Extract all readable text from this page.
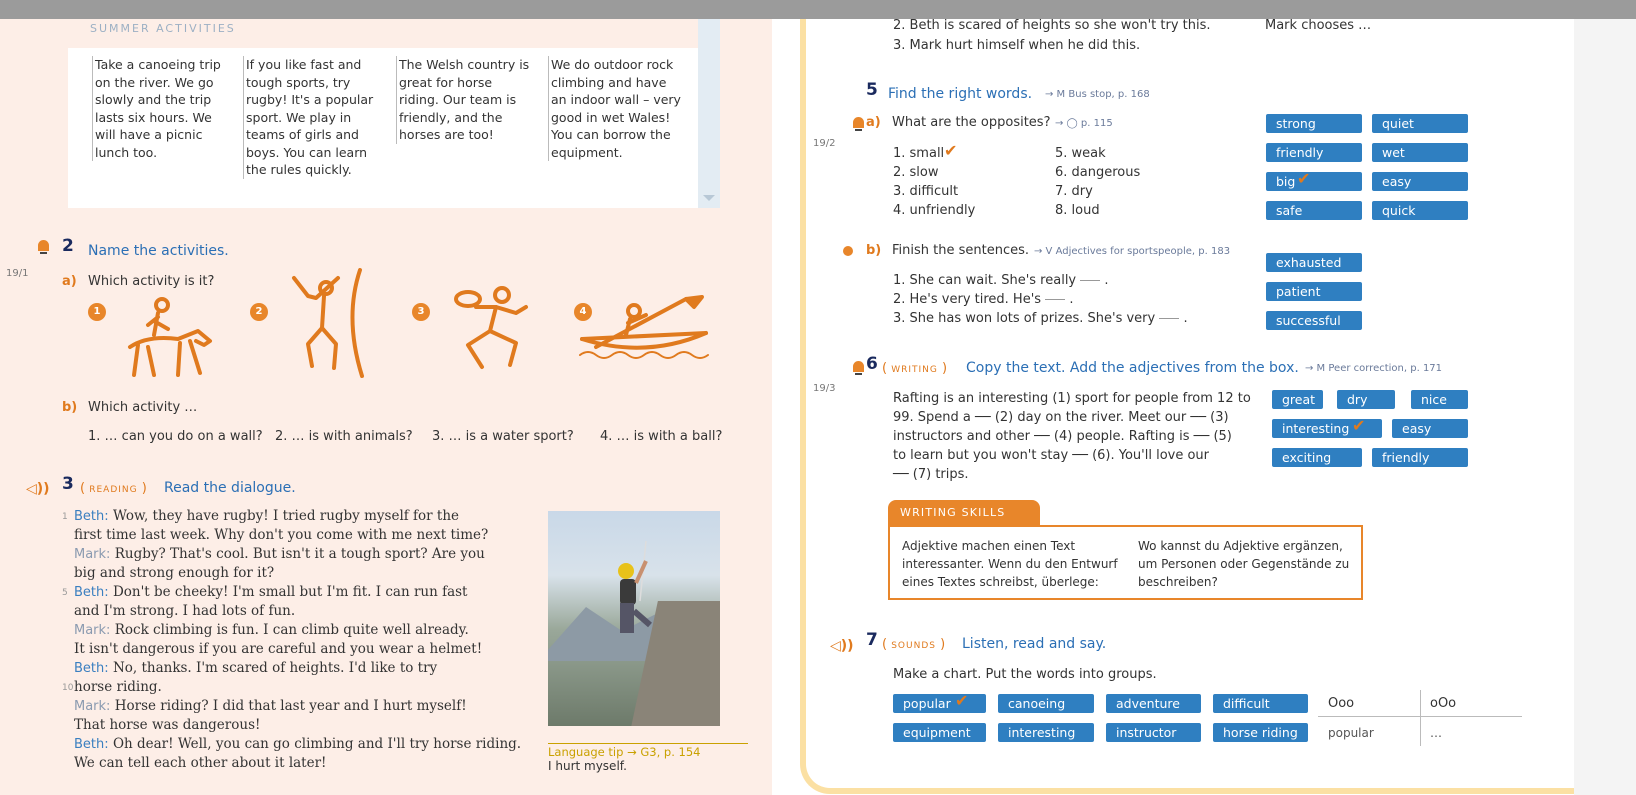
SUMMER ACTIVITIES
Take a canoeing trip
on the river. We go
slowly and the trip
lasts six hours. We
will have a picnic
lunch too.
If you like fast and
tough sports, try
rugby! It's a popular
sport. We play in
teams of girls and
boys. You can learn
the rules quickly.
The Welsh country is
great for horse
riding. Our team is
friendly, and the
horses are too!
We do outdoor rock
climbing and have
an indoor wall – very
good in wet Wales!
You can borrow the
equipment.
2 Name the activities.
19/1
a) Which activity is it?
1	2	3	4
b) Which activity …
1. … can you do on a wall? 2. … is with animals? 3. … is a water sport? 4. … is with a ball?
◁)) 3 ( READING ) Read the dialogue.
1
5
10
Beth: Wow, they have rugby! I tried rugby myself for the
first time last week. Why don't you come with me next time?
Mark: Rugby? That's cool. But isn't it a tough sport? Are you
big and strong enough for it?
Beth: Don't be cheeky! I'm small but I'm fit. I can run fast
and I'm strong. I had lots of fun.
Mark: Rock climbing is fun. I can climb quite well already.
It isn't dangerous if you are careful and you wear a helmet!
Beth: No, thanks. I'm scared of heights. I'd like to try
horse riding.
Mark: Horse riding? I did that last year and I hurt myself!
That horse was dangerous!
Beth: Oh dear! Well, you can go climbing and I'll try horse riding.
We can tell each other about it later!
Language tip → G3, p. 154
I hurt myself.
2. Beth is scared of heights so she won't try this.	Mark chooses …
3. Mark hurt himself when he did this.
5 Find the right words. → M Bus stop, p. 168
a) What are the opposites? → ◯ p. 115
19/2
1. small
2. slow
3. difficult
4. unfriendly
✔	5. weak
6. dangerous
7. dry
8. loud
strong	quiet
friendly	wet
big ✔	easy
safe	quick
b) Finish the sentences. → V Adjectives for sportspeople, p. 183
1. She can wait. She's really  .
2. He's very tired. He's  .
3. She has won lots of prizes. She's very  .
exhausted
patient
successful
6 ( WRITING ) Copy the text. Add the adjectives from the box. → M Peer correction, p. 171
19/3
Rafting is an interesting (1) sport for people from 12 to
99. Spend a ── (2) day on the river. Meet our ── (3)
instructors and other ── (4) people. Rafting is ── (5)
to learn but you won't stay ── (6). You'll love our
── (7) trips.
great	dry	nice
interesting ✔	easy
exciting	friendly
WRITING SKILLS
Adjektive machen einen Text
interessanter. Wenn du den Entwurf
eines Textes schreibst, überlege:
Wo kannst du Adjektive ergänzen,
um Personen oder Gegenstände zu
beschreiben?
◁)) 7 ( SOUNDS ) Listen, read and say.
Make a chart. Put the words into groups.
popular ✔	canoeing	adventure	difficult
equipment	interesting	instructor	horse riding
Ooo	oOo
popular	…
